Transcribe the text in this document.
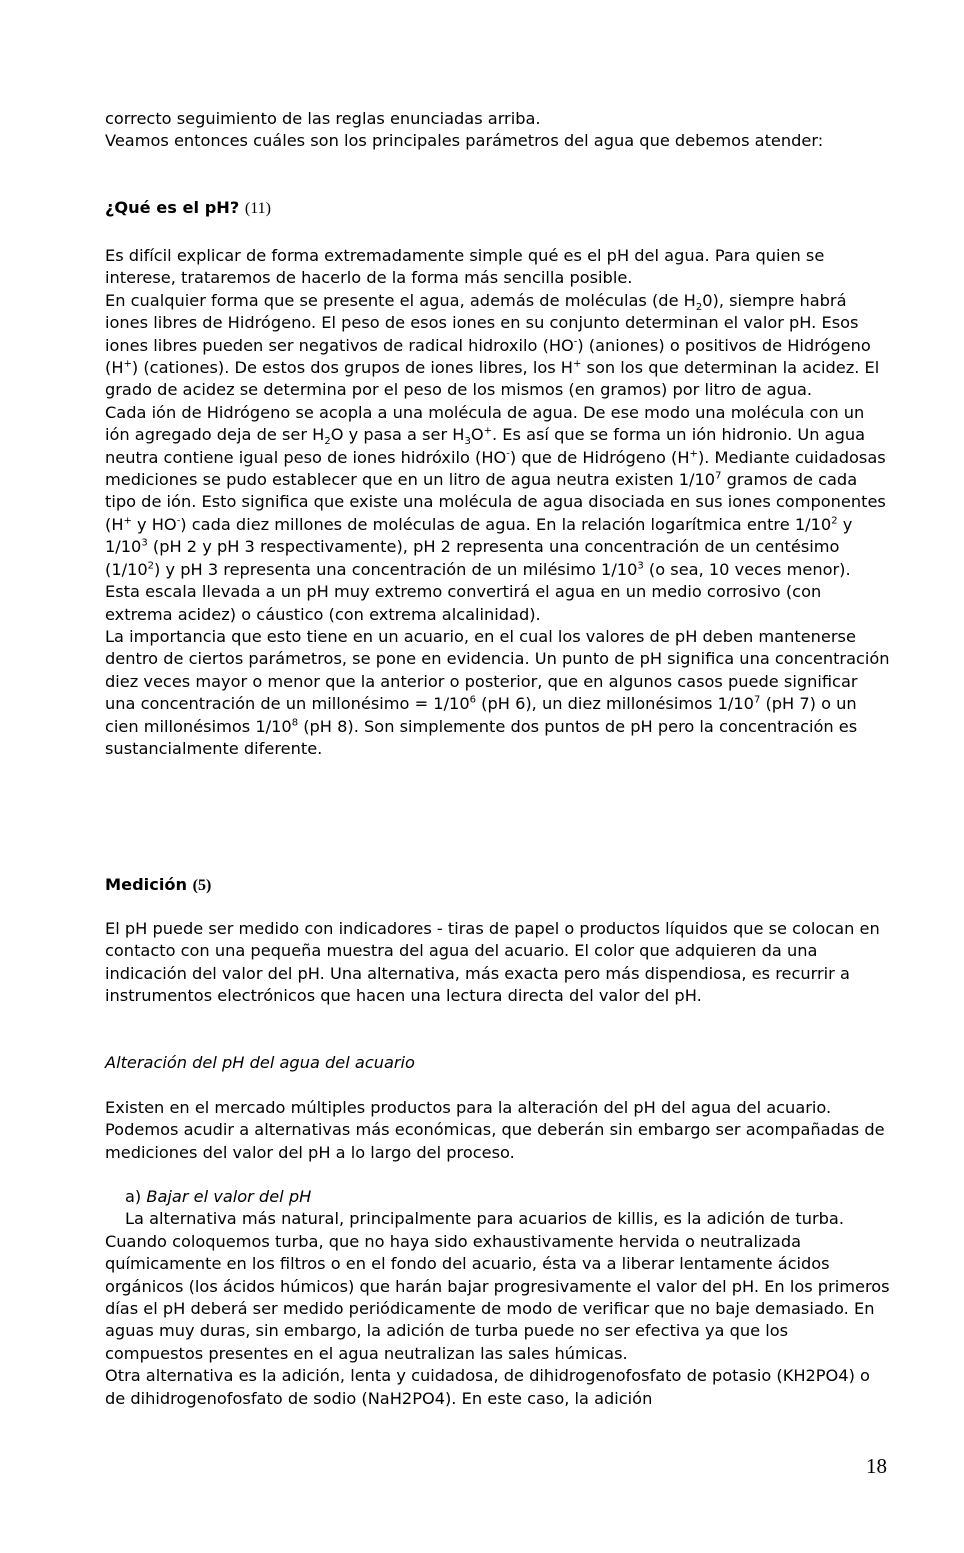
correcto seguimiento de las reglas enunciadas arriba.

Veamos entonces cuáles son los principales parámetros del agua que debemos atender:

¿Qué es el pH? (11)

Es difícil explicar de forma extremadamente simple qué es el pH del agua. Para quien se interese, trataremos de hacerlo de la forma más sencilla posible.

En cualquier forma que se presente el agua, además de moléculas (de $H_20$), siempre habrá iones libres de Hidrógeno. El peso de esos iones en su conjunto determinan el valor pH. Esos iones libres pueden ser negativos de radical hidroxilo (HO-) (aniones) o positivos de Hidrógeno (H+) (cationes). De estos dos grupos de iones libres, los H+ son los que determinan la acidez. El grado de acidez se determina por el peso de los mismos (en gramos) por litro de agua.

Cada ión de Hidrógeno se acopla a una molécula de agua. De ese modo una molécula con un ión agregado deja de ser $H_2O$ y pasa a ser $H_3O^+$. Es así que se forma un ión hidronio. Un agua neutra contiene igual peso de iones hidróxilo (HO-) que de Hidrógeno (H+). Mediante cuidadosas mediciones se pudo establecer que en un litro de agua neutra existen $1/10^7$ gramos de cada tipo de ión. Esto significa que existe una molécula de agua disociada en sus iones componentes (H+ y HO-) cada diez millones de moléculas de agua. En la relación logarítmica entre $1/10^2$ y $1/10^3$ (pH 2 y pH 3 respectivamente), pH 2 representa una concentración de un centésimo $(1/10^2)$ y pH 3 representa una concentración de un milésimo $1/10^3$ (o sea, 10 veces menor). Esta escala llevada a un pH muy extremo convertirá el agua en un medio corrosivo (con extrema acidez) o cáustico (con extrema alcalinidad).

La importancia que esto tiene en un acuario, en el cual los valores de pH deben mantenerse dentro de ciertos parámetros, se pone en evidencia. Un punto de pH significa una concentración diez veces mayor o menor que la anterior o posterior, que en algunos casos puede significar una concentración de un millonésimo = $1/10^6$ (pH 6), un diez millonésimos $1/10^7$ (pH 7) o un cien millonésimos $1/10^8$ (pH 8). Son simplemente dos puntos de pH pero la concentración es sustancialmente diferente.

Medición (5)
El pH puede ser medido con indicadores - tiras de papel o productos líquidos que se colocan en contacto con una pequeña muestra del agua del acuario. El color que adquieren da una indicación del valor del pH. Una alternativa, más exacta pero más dispendiosa, es recurrir a instrumentos electrónicos que hacen una lectura directa del valor del pH.
Alteración del pH del agua del acuario
Existen en el mercado múltiples productos para la alteración del pH del agua del acuario. Podemos acudir a alternativas más económicas, que deberán sin embargo ser acompañadas de mediciones del valor del pH a lo largo del proceso.

a) Bajar el valor del pH

La alternativa más natural, principalmente para acuarios de killis, es la adición de turba. Cuando coloquemos turba, que no haya sido exhaustivamente hervida o neutralizada químicamente en los filtros o en el fondo del acuario, ésta va a liberar lentamente ácidos orgánicos (los ácidos húmicos) que harán bajar progresivamente el valor del pH. En los primeros días el pH deberá ser medido periódicamente de modo de verificar que no baje demasiado. En aguas muy duras, sin embargo, la adición de turba puede no ser efectiva ya que los compuestos presentes en el agua neutralizan las sales húmicas.

Otra alternativa es la adición, lenta y cuidadosa, de dihidrogenofosfato de potasio (KH2PO4) o de dihidrogenofosfato de sodio (NaH2PO4). En este caso, la adición

18
